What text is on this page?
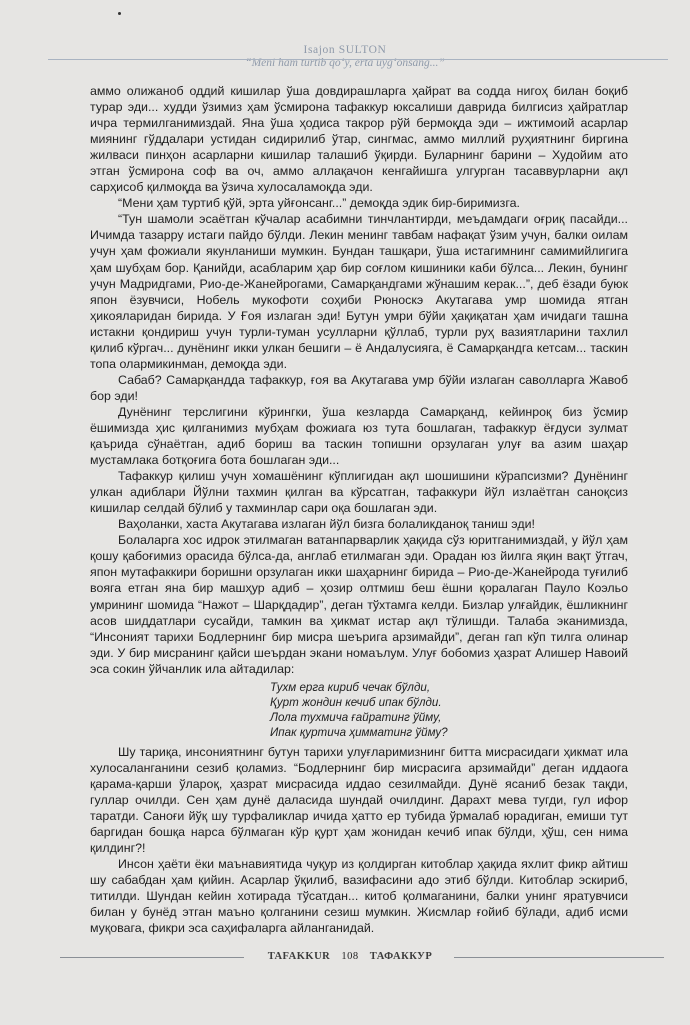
Isajon SULTON
“Meni ham turtib qo‘y, erta uyg‘onsang...”

аммо олижаноб оддий кишилар ўша довдирашларга ҳайрат ва содда нигоҳ билан боқиб турар эди... худди ўзимиз ҳам ўсмирона тафаккур юксалиши даврида билгисиз ҳайратлар ичра термилганимиздай. Яна ўша ҳодиса такрор рўй бермоқда эди – ижтимоий асарлар миянинг гўддалари устидан сидирилиб ўтар, сингмас, аммо миллий руҳиятнинг биргина жилваси пинҳон асарларни кишилар талашиб ўқирди. Буларнинг барини – Худойим ато этган ўсмирона соф ва оч, аммо аллақачон кенгайишга улгурган тасаввурларни ақл сарҳисоб қилмоқда ва ўзича хулосаламоқда эди.

“Мени ҳам туртиб қўй, эрта уйғонсанг...” демоқда эдик бир-биримизга.

“Тун шамоли эсаётган кўчалар асабимни тинчлантирди, меъдамдаги оғриқ пасайди... Ичимда тазарру истаги пайдо бўлди. Лекин менинг тавбам нафақат ўзим учун, балки оилам учун ҳам фожиали якунланиши мумкин. Бундан ташқари, ўша истагимнинг самимийлигига ҳам шубҳам бор. Қанийди, асабларим ҳар бир соғлом кишиники каби бўлса... Лекин, бунинг учун Мадридгами, Рио-де-Жанейрогами, Самарқандгами жўнашим керак...”, деб ёзади буюк япон ёзувчиси, Нобель мукофоти соҳиби Рюноскэ Акутагава умр шомида ятган ҳикояларидан бирида. У Ғоя излаган эди! Бутун умри бўйи ҳақиқатан ҳам ичидаги ташна истакни қондириш учун турли-туман усулларни қўллаб, турли руҳ вазиятларини тахлил қилиб кўргач... дунёнинг икки улкан бешиги – ё Андалусияга, ё Самарқандга кетсам... таскин топа олармикинман, демоқда эди.

Сабаб? Самарқандда тафаккур, ғоя ва Акутагава умр бўйи излаган саволларга Жавоб бор эди!

Дунёнинг терслигини кўрингки, ўша кезларда Самарқанд, кейинроқ биз ўсмир ёшимизда ҳис қилганимиз мубҳам фожиага юз тута бошлаган, тафаккур ёғдуси зулмат қаърида сўнаётган, адиб бориш ва таскин топишни орзулаган улуғ ва азим шаҳар мустамлака ботқоғига бота бошлаган эди...

Тафаккур қилиш учун хомашёнинг кўплигидан ақл шошишини кўрапсизми? Дунёнинг улкан адиблари Йўлни тахмин қилган ва кўрсатган, тафаккури йўл излаётган саноқсиз кишилар селдай бўлиб у тахминлар сари оқа бошлаган эди.

Ваҳоланки, хаста Акутагава излаган йўл бизга болаликданоқ таниш эди!

Болаларга хос идрок этилмаган ватанпарварлик ҳақида сўз юритганимиздай, у йўл ҳам қошу қабоғимиз орасида бўлса-да, англаб етилмаган эди. Орадан юз йилга яқин вақт ўтгач, япон мутафаккири боришни орзулаган икки шаҳарнинг бирида – Рио-де-Жанейрода туғилиб вояга етган яна бир машҳур адиб – ҳозир олтмиш беш ёшни қоралаган Пауло Коэльо умрининг шомида “Нажот – Шарқдадир”, деган тўхтамга келди. Бизлар улғайдик, ёшликнинг асов шиддатлари сусайди, тамкин ва ҳикмат истар ақл тўлишди. Талаба эканимизда, “Инсоният тарихи Бодлернинг бир мисра шеърига арзимайди”, деган гап кўп тилга олинар эди. У бир мисранинг қайси шеърдан экани номаълум. Улуғ бобомиз ҳазрат Алишер Навоий эса сокин ўйчанлик ила айтадилар:

Тухм ерга кириб чечак бўлди,
Қурт жондин кечиб ипак бўлди.
Лола тухмича ғайратинг ўйму,
Ипак қуртича ҳимматинг ўйму?

Шу тариқа, инсониятнинг бутун тарихи улуғларимизнинг битта мисрасидаги ҳикмат ила хулосаланганини сезиб қоламиз. “Бодлернинг бир мисрасига арзимайди” деган иддаога қарама-қарши ўлароқ, ҳазрат мисрасида иддао сезилмайди. Дунё ясаниб безак тақди, гуллар очилди. Сен ҳам дунё даласида шундай очилдинг. Дарахт мева тугди, гул ифор таратди. Саноғи йўқ шу турфаликлар ичида ҳатто ер тубида ўрмалаб юрадиган, емиши тут баргидан бошқа нарса бўлмаган кўр қурт ҳам жонидан кечиб ипак бўлди, ҳўш, сен нима қилдинг?!

Инсон ҳаёти ёки маънавиятида чуқур из қолдирган китоблар ҳақида яхлит фикр айтиш шу сабабдан ҳам қийин. Асарлар ўқилиб, вазифасини адо этиб бўлди. Китоблар эскириб, титилди. Шундан кейин хотирада тўсатдан... китоб қолмаганини, балки унинг яратувчиси билан у бунёд этган маъно қолганини сезиш мумкин. Жисмлар ғойиб бўлади, адиб исми муқовага, фикри эса саҳифаларга айланганидай.

TAFAKKUR 108 ТАФАККУР
